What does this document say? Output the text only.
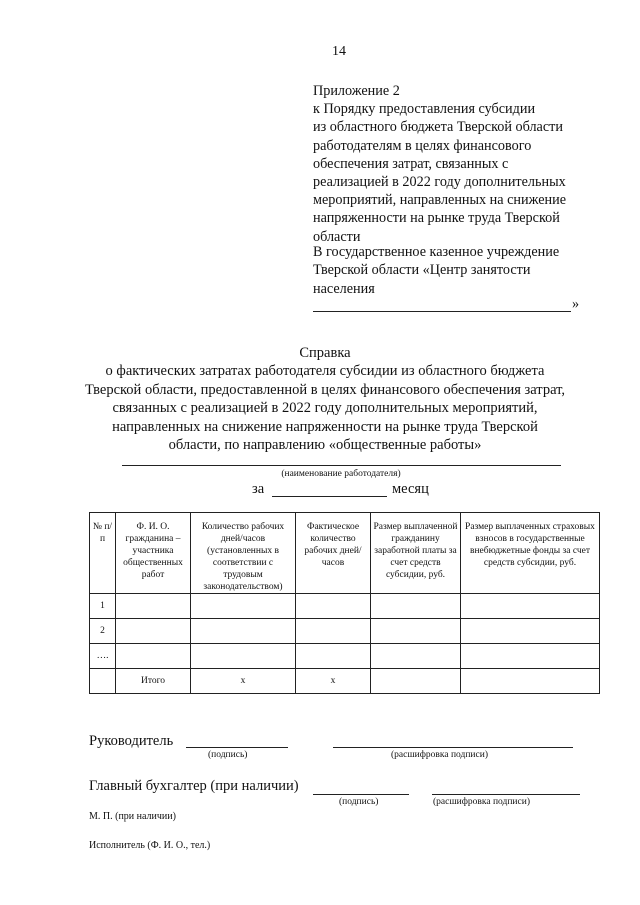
14
Приложение 2
к Порядку предоставления субсидии
из областного бюджета Тверской области
работодателям в целях финансового
обеспечения затрат, связанных с
реализацией в 2022 году дополнительных
мероприятий, направленных на снижение
напряженности на рынке труда Тверской
области
В государственное казенное учреждение
Тверской области «Центр занятости
населения
»
Справка
о фактических затратах работодателя субсидии из областного бюджета
Тверской области, предоставленной в целях финансового обеспечения затрат,
связанных с реализацией в 2022 году дополнительных мероприятий,
направленных на снижение напряженности на рынке труда Тверской
области, по направлению «общественные работы»
(наименование работодателя)
за	месяц
№ п/п	Ф. И. О. гражданина – участника общественных работ	Количество рабочих дней/часов (установленных в соответствии с трудовым законодательством)	Фактическое количество рабочих дней/часов	Размер выплаченной гражданину заработной платы за счет средств субсидии, руб.	Размер выплаченных страховых взносов в государственные внебюджетные фонды за счет средств субсидии, руб.
1					
2					
….					
	Итого	х	х		
Руководитель
(подпись)	(расшифровка подписи)
Главный бухгалтер (при наличии)
(подпись)	(расшифровка подписи)
М. П. (при наличии)
Исполнитель (Ф. И. О., тел.)
